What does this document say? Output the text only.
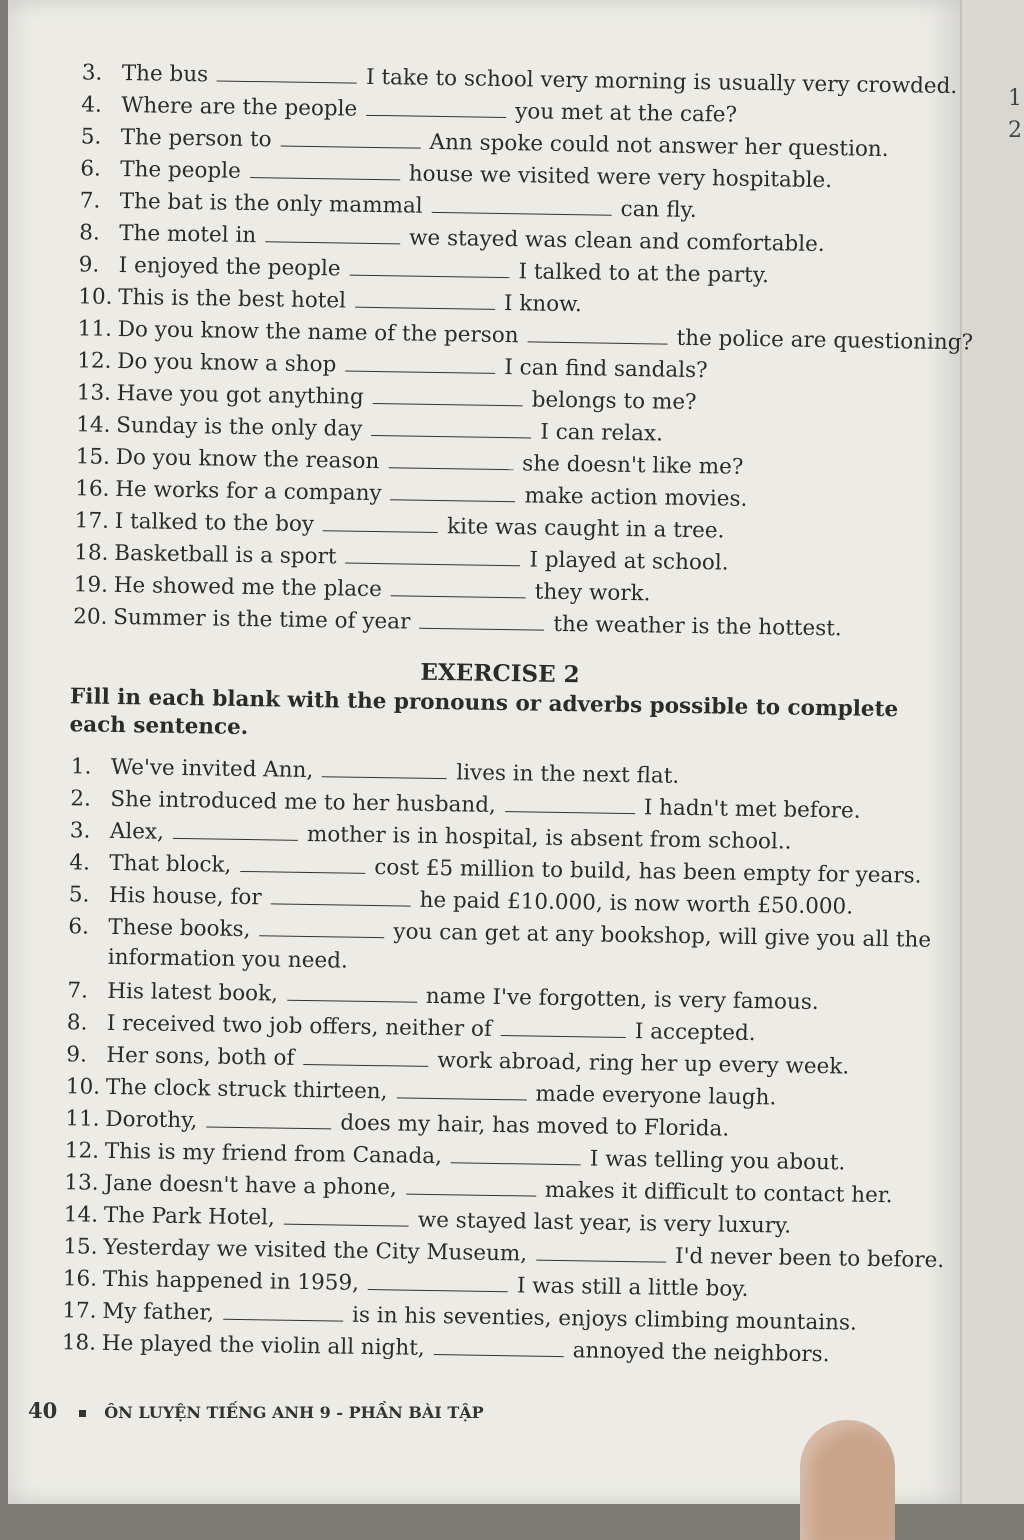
1
2
3. The bus	I take to school very morning is usually very crowded.
4. Where are the people	you met at the cafe?
5. The person to	Ann spoke could not answer her question.
6. The people	house we visited were very hospitable.
7. The bat is the only mammal	can fly.
8. The motel in	we stayed was clean and comfortable.
9. I enjoyed the people	I talked to at the party.
10. This is the best hotel	I know.
11. Do you know the name of the person	the police are questioning?
12. Do you know a shop	I can find sandals?
13. Have you got anything	belongs to me?
14. Sunday is the only day	I can relax.
15. Do you know the reason	she doesn't like me?
16. He works for a company	make action movies.
17. I talked to the boy	kite was caught in a tree.
18. Basketball is a sport	I played at school.
19. He showed me the place	they work.
20. Summer is the time of year	the weather is the hottest.
EXERCISE 2
Fill in each blank with the pronouns or adverbs possible to complete each sentence.
1. We've invited Ann,	lives in the next flat.
2. She introduced me to her husband,	I hadn't met before.
3. Alex,	mother is in hospital, is absent from school..
4. That block,	cost £5 million to build, has been empty for years.
5. His house, for	he paid £10.000, is now worth £50.000.
6. These books,	you can get at any bookshop, will give you all the
information you need.
7. His latest book,	name I've forgotten, is very famous.
8. I received two job offers, neither of	I accepted.
9. Her sons, both of	work abroad, ring her up every week.
10. The clock struck thirteen,	made everyone laugh.
11. Dorothy,	does my hair, has moved to Florida.
12. This is my friend from Canada,	I was telling you about.
13. Jane doesn't have a phone,	makes it difficult to contact her.
14. The Park Hotel,	we stayed last year, is very luxury.
15. Yesterday we visited the City Museum,	I'd never been to before.
16. This happened in 1959,	I was still a little boy.
17. My father,	is in his seventies, enjoys climbing mountains.
18. He played the violin all night,	annoyed the neighbors.
40	ÔN LUYỆN TIẾNG ANH 9 - PHẦN BÀI TẬP
